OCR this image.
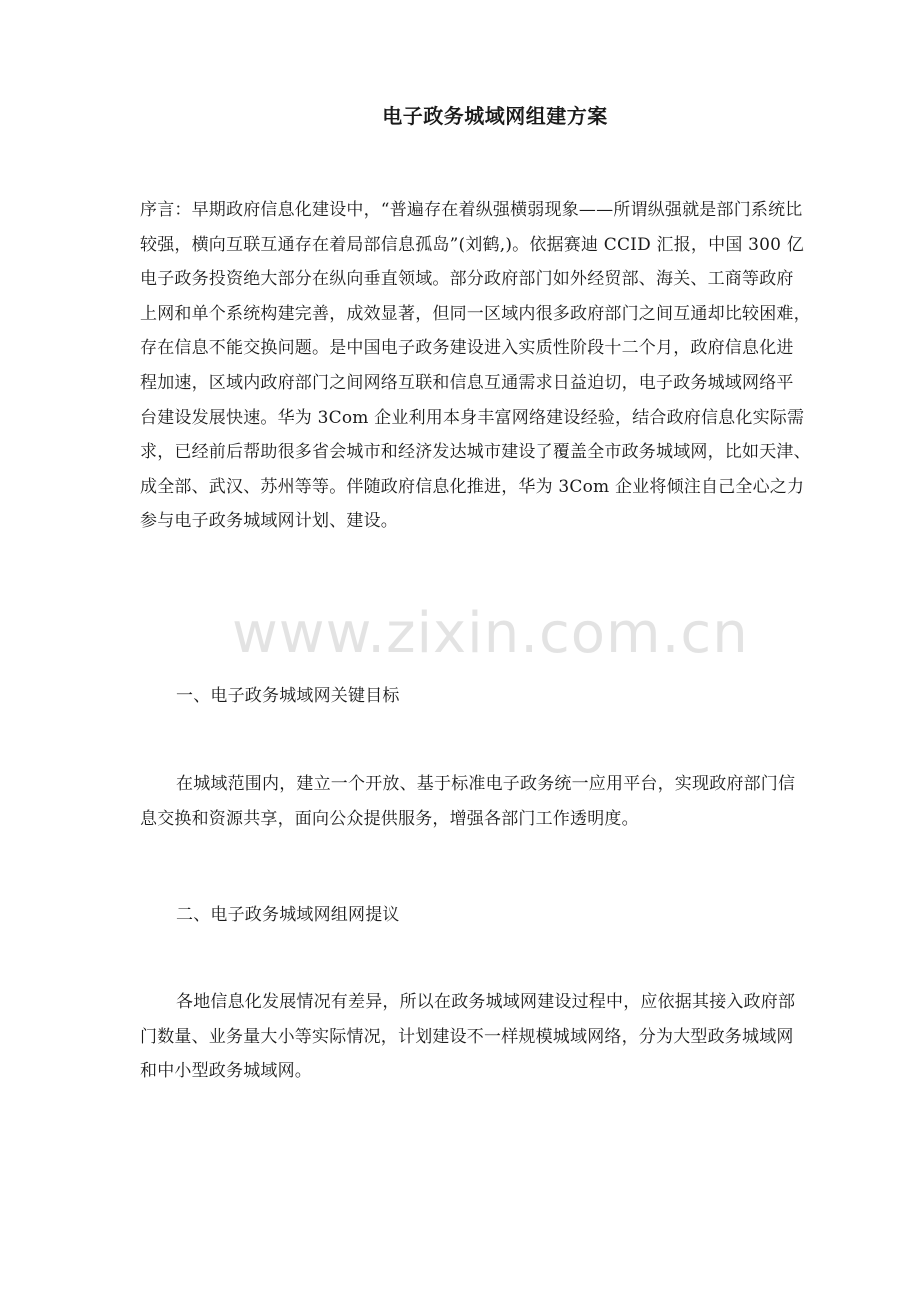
电子政务城域网组建方案
序言：早期政府信息化建设中，“普遍存在着纵强横弱现象——所谓纵强就是部门系统比
较强，横向互联互通存在着局部信息孤岛”(刘鹤,)。依据赛迪 CCID 汇报，中国 300 亿
电子政务投资绝大部分在纵向垂直领域。部分政府部门如外经贸部、海关、工商等政府
上网和单个系统构建完善，成效显著，但同一区域内很多政府部门之间互通却比较困难，
存在信息不能交换问题。是中国电子政务建设进入实质性阶段十二个月，政府信息化进
程加速，区域内政府部门之间网络互联和信息互通需求日益迫切，电子政务城域网络平
台建设发展快速。华为 3Com 企业利用本身丰富网络建设经验，结合政府信息化实际需
求，已经前后帮助很多省会城市和经济发达城市建设了覆盖全市政务城域网，比如天津、
成全部、武汉、苏州等等。伴随政府信息化推进，华为 3Com 企业将倾注自己全心之力
参与电子政务城域网计划、建设。
一、电子政务城域网关键目标
在城域范围内，建立一个开放、基于标准电子政务统一应用平台，实现政府部门信
息交换和资源共享，面向公众提供服务，增强各部门工作透明度。
二、电子政务城域网组网提议
各地信息化发展情况有差异，所以在政务城域网建设过程中，应依据其接入政府部
门数量、业务量大小等实际情况，计划建设不一样规模城域网络，分为大型政务城域网
和中小型政务城域网。
www.zixin.com.cn
